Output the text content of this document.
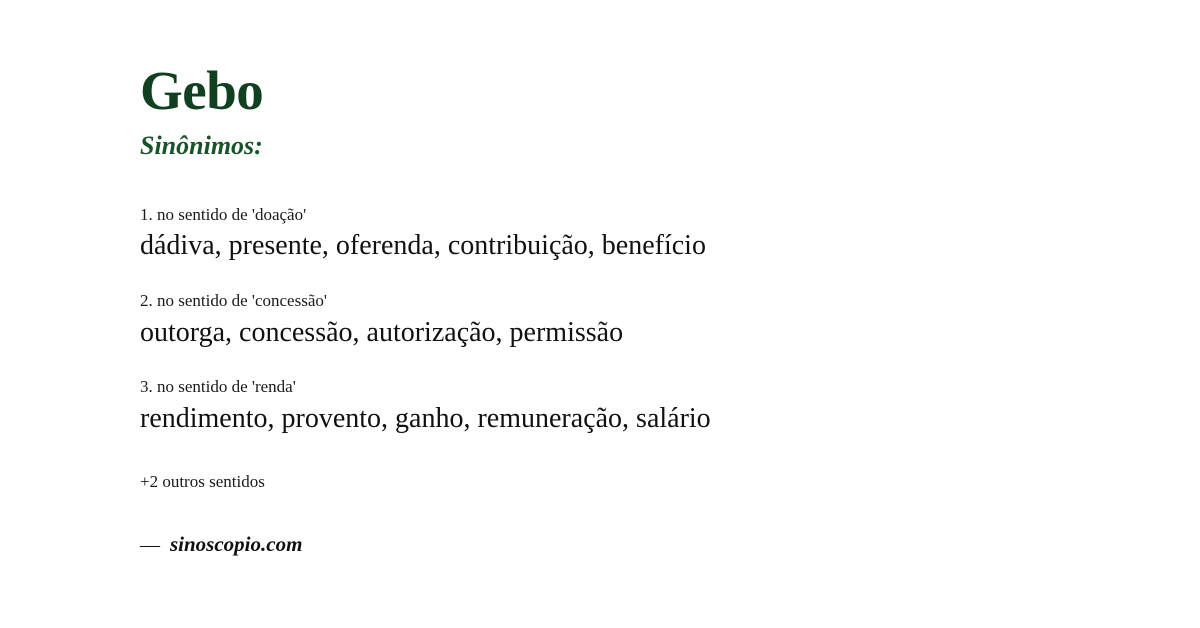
Gebo
Sinônimos:
1. no sentido de 'doação'
dádiva, presente, oferenda, contribuição, benefício
2. no sentido de 'concessão'
outorga, concessão, autorização, permissão
3. no sentido de 'renda'
rendimento, provento, ganho, remuneração, salário
+2 outros sentidos
— sinoscopio.com
